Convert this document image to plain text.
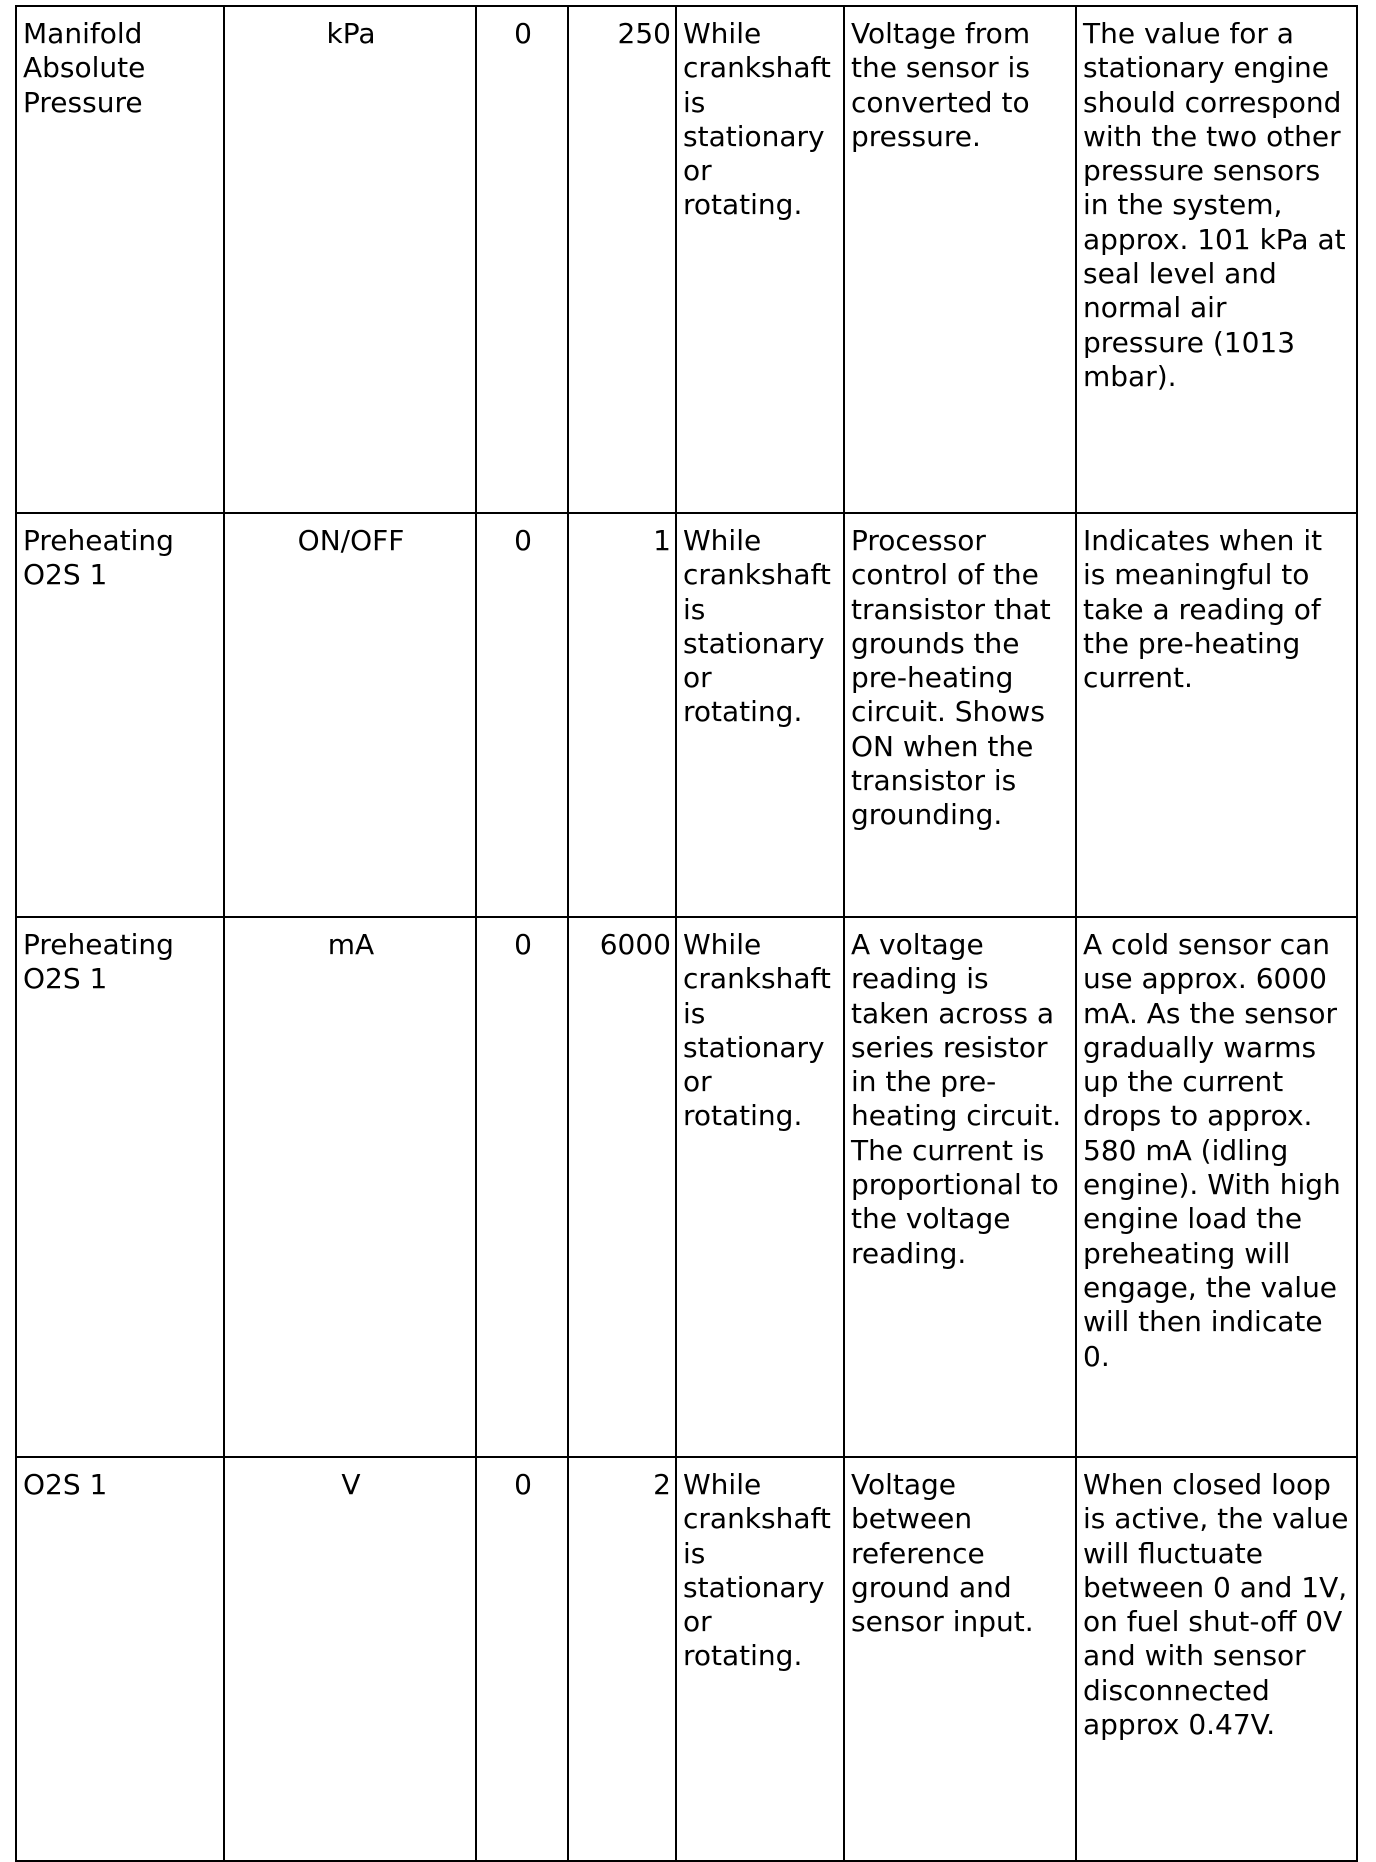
Manifold Absolute Pressure	kPa	0	250	While crankshaft is stationary or rotating.	Voltage from the sensor is converted to pressure.	The value for a stationary engine should correspond with the two other pressure sensors in the system, approx. 101 kPa at seal level and normal air pressure (1013 mbar).
Preheating O2S 1	ON/OFF	0	1	While crankshaft is stationary or rotating.	Processor control of the transistor that grounds the pre-heating circuit. Shows ON when the transistor is grounding.	Indicates when it is meaningful to take a reading of the pre-heating current.
Preheating O2S 1	mA	0	6000	While crankshaft is stationary or rotating.	A voltage reading is taken across a series resistor in the pre-heating circuit. The current is proportional to the voltage reading.	A cold sensor can use approx. 6000 mA. As the sensor gradually warms up the current drops to approx. 580 mA (idling engine). With high engine load the preheating will engage, the value will then indicate 0.
O2S 1	V	0	2	While crankshaft is stationary or rotating.	Voltage between reference ground and sensor input.	When closed loop is active, the value will fluctuate between 0 and 1V, on fuel shut-off 0V and with sensor disconnected approx 0.47V.
